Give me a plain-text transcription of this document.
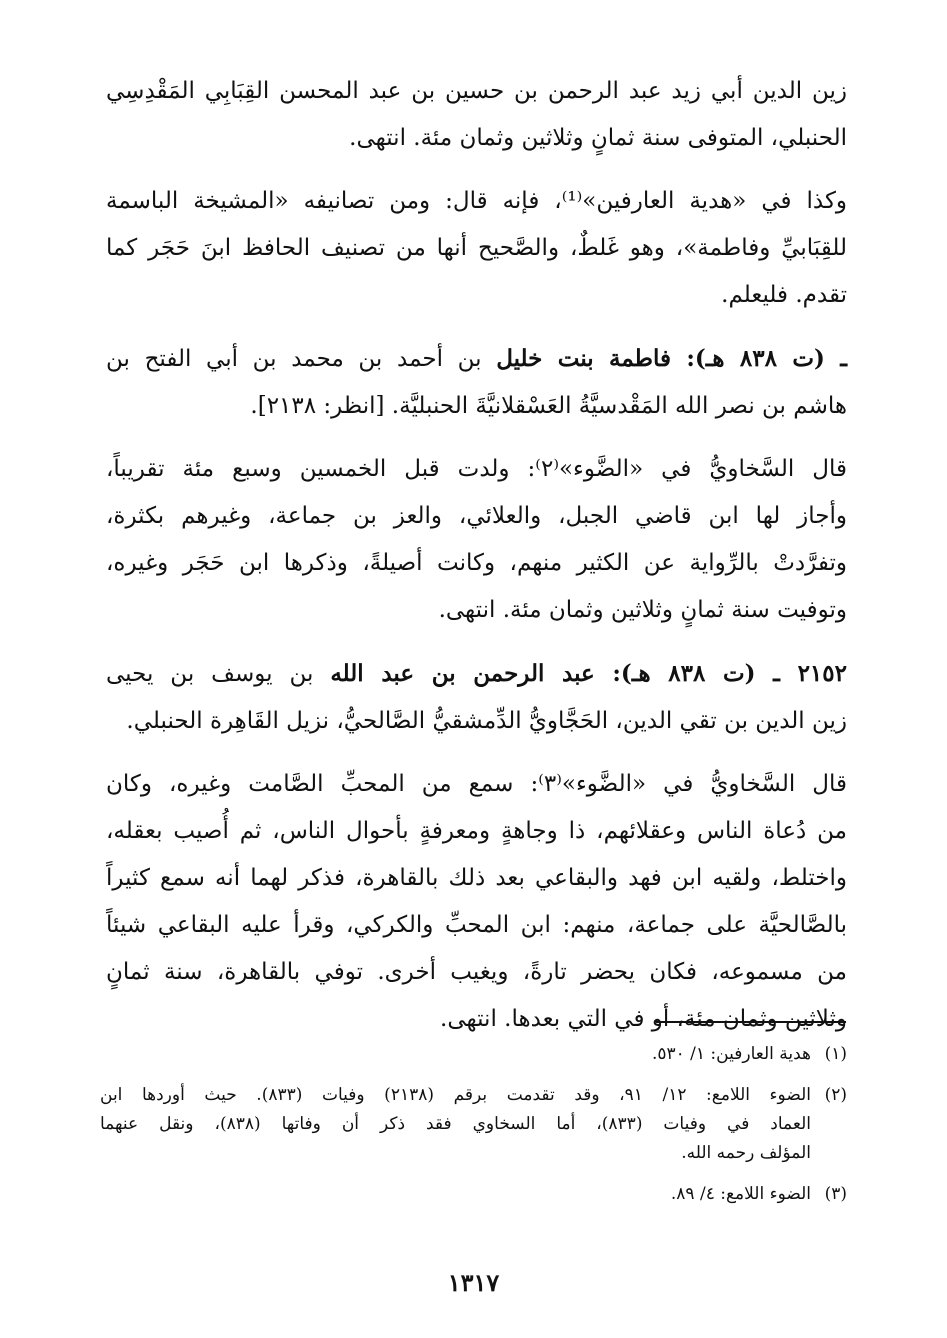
زين الدين أبي زيد عبد الرحمن بن حسين بن عبد المحسن القِبَابِي المَقْدِسِي
الحنبلي، المتوفى سنة ثمانٍ وثلاثين وثمان مئة. انتهى.

وكذا في «هدية العارفين»⁽¹⁾، فإنه قال: ومن تصانيفه «المشيخة الباسمة
للقِبَابيِّ وفاطمة»، وهو غَلطٌ، والصَّحيح أنها من تصنيف الحافظ ابنَ حَجَر كما
تقدم. فليعلم.

ـ (ت ٨٣٨ هـ): فاطمة بنت خليل بن أحمد بن محمد بن أبي الفتح بن
هاشم بن نصر الله المَقْدسيَّةُ العَسْقلانيَّةَ الحنبليَّة. [انظر: ٢١٣٨].

قال السَّخاويُّ في «الضَّوء»⁽٢⁾: ولدت قبل الخمسين وسبع مئة تقريباً،
وأجاز لها ابن قاضي الجبل، والعلائي، والعز بن جماعة، وغيرهم بكثرة،
وتفرَّدتْ بالرِّواية عن الكثير منهم، وكانت أصيلةً، وذكرها ابن حَجَر وغيره،
وتوفيت سنة ثمانٍ وثلاثين وثمان مئة. انتهى.

٢١٥٢ ـ (ت ٨٣٨ هـ): عبد الرحمن بن عبد الله بن يوسف بن يحيى
زين الدين بن تقي الدين، الحَجَّاويُّ الدِّمشقيُّ الصَّالحيُّ، نزيل القَاهِرة الحنبلي.

قال السَّخاويُّ في «الضَّوء»⁽٣⁾: سمع من المحبِّ الصَّامت وغيره، وكان
من دُعاة الناس وعقلائهم، ذا وجاهةٍ ومعرفةٍ بأحوال الناس، ثم أُصيب بعقله،
واختلط، ولقيه ابن فهد والبقاعي بعد ذلك بالقاهرة، فذكر لهما أنه سمع كثيراً
بالصَّالحيَّة على جماعة، منهم: ابن المحبِّ والكركي، وقرأ عليه البقاعي شيئاً
من مسموعه، فكان يحضر تارةً، ويغيب أخرى. توفي بالقاهرة، سنة ثمانٍ
وثلاثين وثمان مئة، أو في التي بعدها. انتهى.

(١)
هدية العارفين: ١/ ٥٣٠.
(٢)
الضوء اللامع: ١٢/ ٩١، وقد تقدمت برقم (٢١٣٨) وفيات (٨٣٣). حيث أوردها ابن
العماد في وفيات (٨٣٣)، أما السخاوي فقد ذكر أن وفاتها (٨٣٨)، ونقل عنهما
المؤلف رحمه الله.
(٣)
الضوء اللامع: ٤/ ٨٩.
١٣١٧
